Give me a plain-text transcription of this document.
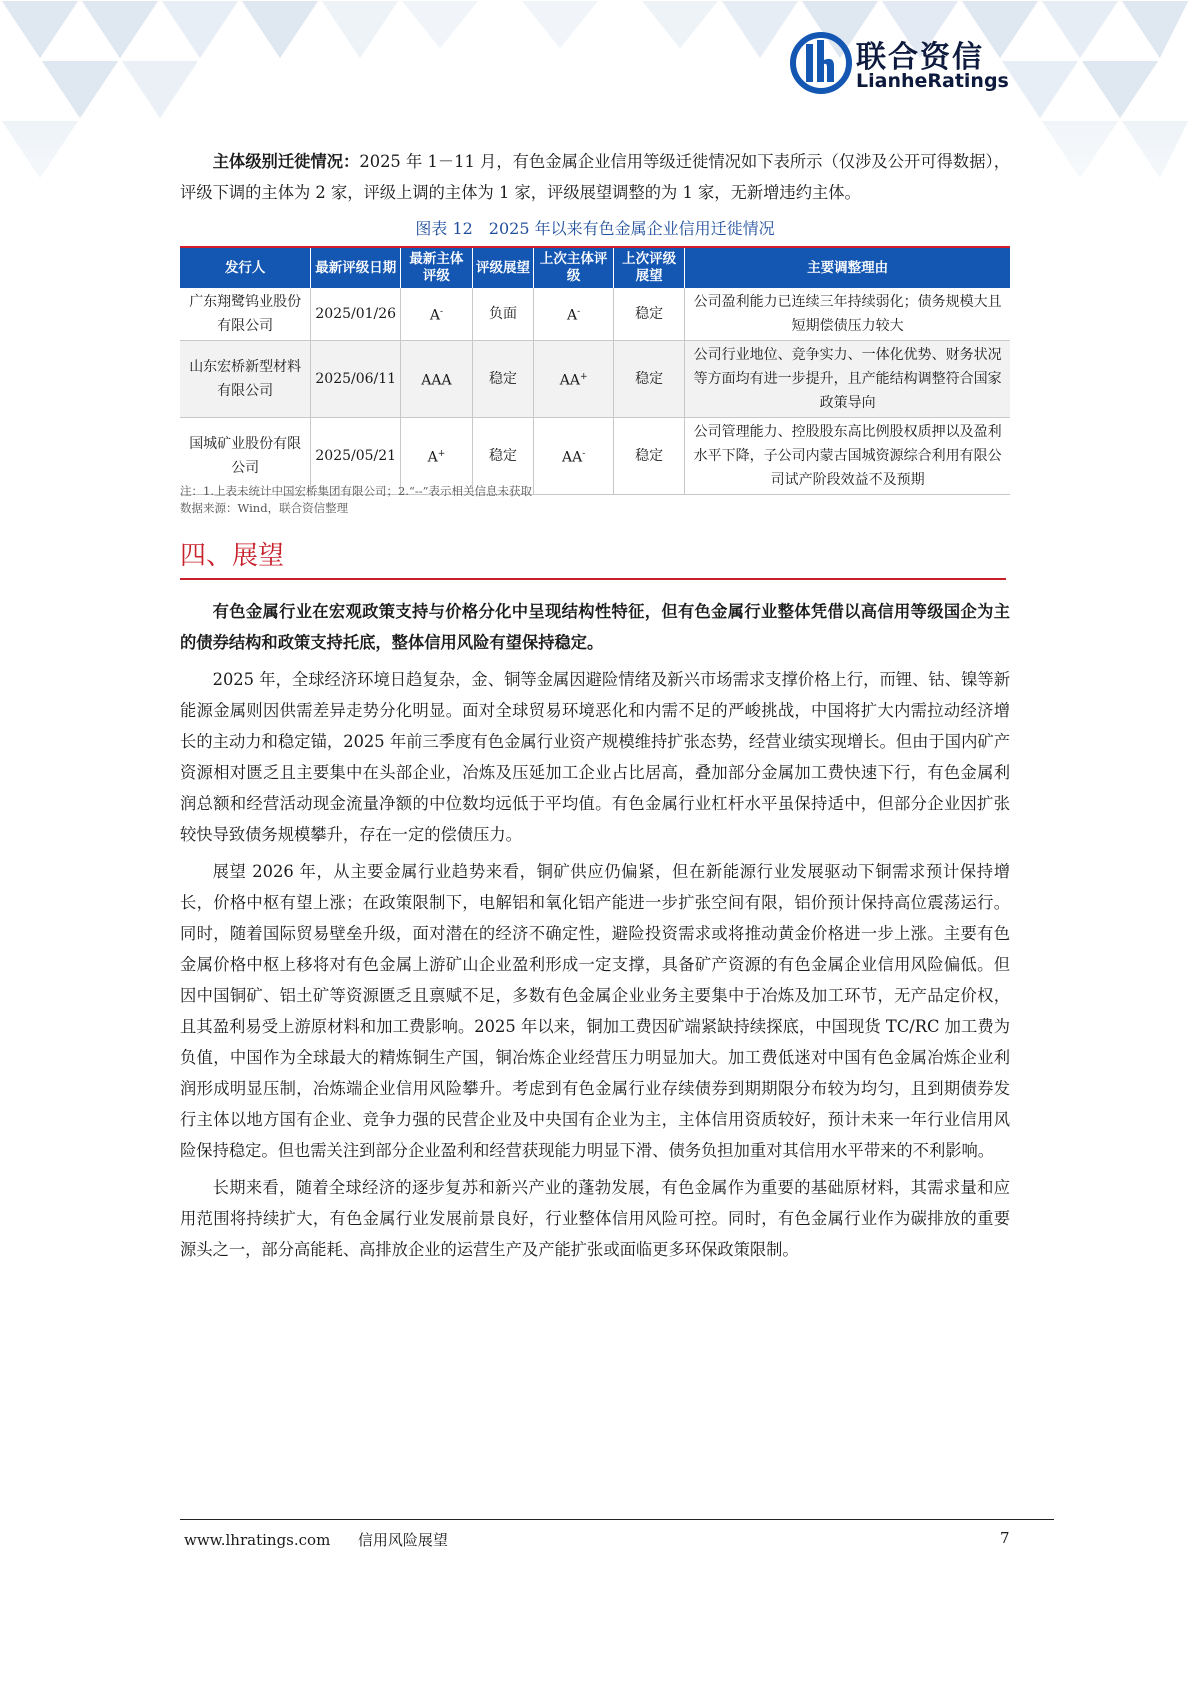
联合资信
LianheRatings

主体级别迁徙情况：2025 年 1－11 月，有色金属企业信用等级迁徙情况如下表所示（仅涉及公开可得数据），评级下调的主体为 2 家，评级上调的主体为 1 家，评级展望调整的为 1 家，无新增违约主体。

图表 12　2025 年以来有色金属企业信用迁徙情况
发行人	最新评级日期	最新主体评级	评级展望	上次主体评级	上次评级展望	主要调整理由
广东翔鹭钨业股份有限公司	2025/01/26	A-	负面	A-	稳定	公司盈利能力已连续三年持续弱化；债务规模大且短期偿债压力较大
山东宏桥新型材料有限公司	2025/06/11	AAA	稳定	AA+	稳定	公司行业地位、竞争实力、一体化优势、财务状况等方面均有进一步提升，且产能结构调整符合国家政策导向
国城矿业股份有限公司	2025/05/21	A+	稳定	AA-	稳定	公司管理能力、控股股东高比例股权质押以及盈利水平下降，子公司内蒙古国城资源综合利用有限公司试产阶段效益不及预期
注：1.上表未统计中国宏桥集团有限公司；2.“--”表示相关信息未获取
数据来源：Wind，联合资信整理
四、展望

有色金属行业在宏观政策支持与价格分化中呈现结构性特征，但有色金属行业整体凭借以高信用等级国企为主的债券结构和政策支持托底，整体信用风险有望保持稳定。

2025 年，全球经济环境日趋复杂，金、铜等金属因避险情绪及新兴市场需求支撑价格上行，而锂、钴、镍等新能源金属则因供需差异走势分化明显。面对全球贸易环境恶化和内需不足的严峻挑战，中国将扩大内需拉动经济增长的主动力和稳定锚，2025 年前三季度有色金属行业资产规模维持扩张态势，经营业绩实现增长。但由于国内矿产资源相对匮乏且主要集中在头部企业，冶炼及压延加工企业占比居高，叠加部分金属加工费快速下行，有色金属利润总额和经营活动现金流量净额的中位数均远低于平均值。有色金属行业杠杆水平虽保持适中，但部分企业因扩张较快导致债务规模攀升，存在一定的偿债压力。

展望 2026 年，从主要金属行业趋势来看，铜矿供应仍偏紧，但在新能源行业发展驱动下铜需求预计保持增长，价格中枢有望上涨；在政策限制下，电解铝和氧化铝产能进一步扩张空间有限，铝价预计保持高位震荡运行。同时，随着国际贸易壁垒升级，面对潜在的经济不确定性，避险投资需求或将推动黄金价格进一步上涨。主要有色金属价格中枢上移将对有色金属上游矿山企业盈利形成一定支撑，具备矿产资源的有色金属企业信用风险偏低。但因中国铜矿、铝土矿等资源匮乏且禀赋不足，多数有色金属企业业务主要集中于冶炼及加工环节，无产品定价权，且其盈利易受上游原材料和加工费影响。2025 年以来，铜加工费因矿端紧缺持续探底，中国现货 TC/RC 加工费为负值，中国作为全球最大的精炼铜生产国，铜冶炼企业经营压力明显加大。加工费低迷对中国有色金属冶炼企业利润形成明显压制，冶炼端企业信用风险攀升。考虑到有色金属行业存续债券到期期限分布较为均匀，且到期债券发行主体以地方国有企业、竞争力强的民营企业及中央国有企业为主，主体信用资质较好，预计未来一年行业信用风险保持稳定。但也需关注到部分企业盈利和经营获现能力明显下滑、债务负担加重对其信用水平带来的不利影响。

长期来看，随着全球经济的逐步复苏和新兴产业的蓬勃发展，有色金属作为重要的基础原材料，其需求量和应用范围将持续扩大，有色金属行业发展前景良好，行业整体信用风险可控。同时，有色金属行业作为碳排放的重要源头之一，部分高能耗、高排放企业的运营生产及产能扩张或面临更多环保政策限制。

www.lhratings.com 信用风险展望	7
